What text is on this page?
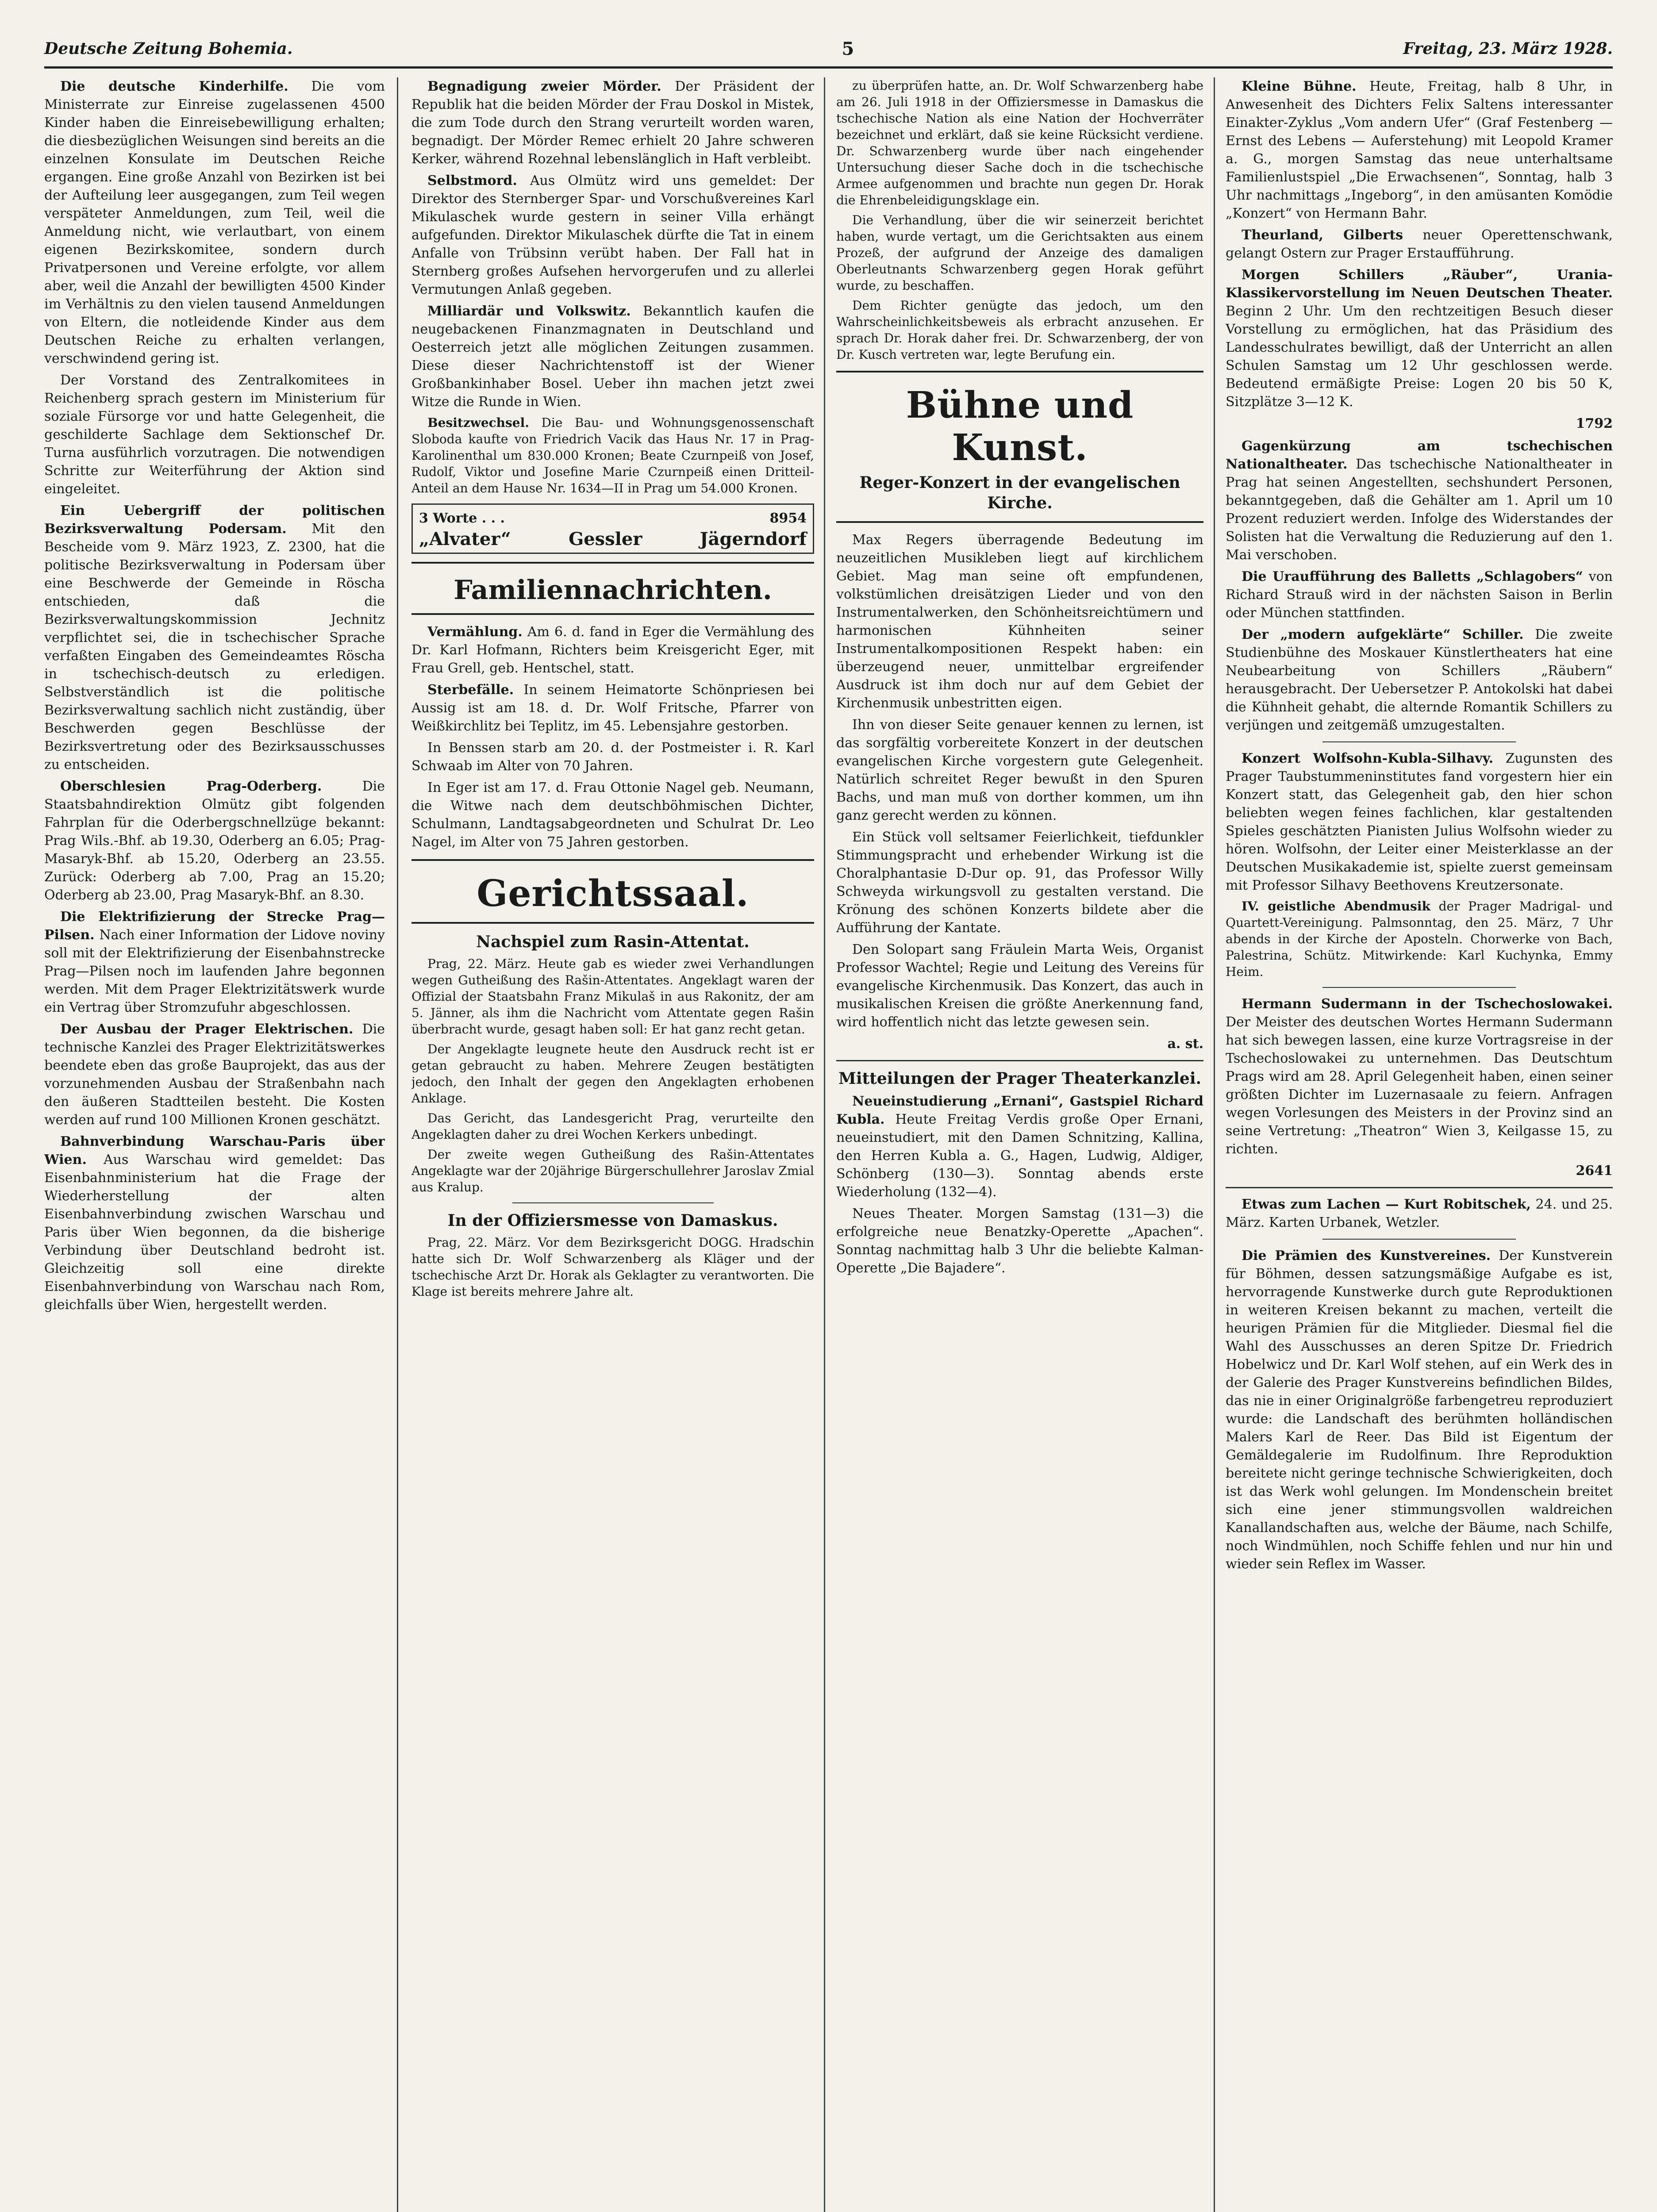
Deutsche Zeitung Bohemia.	5	Freitag, 23. März 1928.

Die deutsche Kinderhilfe. Die vom Ministerrate zur Einreise zugelassenen 4500 Kinder haben die Einreisebewilligung erhalten; die diesbezüglichen Weisungen sind bereits an die einzelnen Konsulate im Deutschen Reiche ergangen. Eine große Anzahl von Bezirken ist bei der Aufteilung leer ausgegangen, zum Teil wegen verspäteter Anmeldungen, zum Teil, weil die Anmeldung nicht, wie verlautbart, von einem eigenen Bezirkskomitee, sondern durch Privatpersonen und Vereine erfolgte, vor allem aber, weil die Anzahl der bewilligten 4500 Kinder im Verhältnis zu den vielen tausend Anmeldungen von Eltern, die notleidende Kinder aus dem Deutschen Reiche zu erhalten verlangen, verschwindend gering ist.

Der Vorstand des Zentralkomitees in Reichenberg sprach gestern im Ministerium für soziale Fürsorge vor und hatte Gelegenheit, die geschilderte Sachlage dem Sektionschef Dr. Turna ausführlich vorzutragen. Die notwendigen Schritte zur Weiterführung der Aktion sind eingeleitet.

Ein Uebergriff der politischen Bezirksverwaltung Podersam. Mit den Bescheide vom 9. März 1923, Z. 2300, hat die politische Bezirksverwaltung in Podersam über eine Beschwerde der Gemeinde in Röscha entschieden, daß die Bezirksverwaltungskommission Jechnitz verpflichtet sei, die in tschechischer Sprache verfaßten Eingaben des Gemeindeamtes Röscha in tschechisch-deutsch zu erledigen. Selbstverständlich ist die politische Bezirksverwaltung sachlich nicht zuständig, über Beschwerden gegen Beschlüsse der Bezirksvertretung oder des Bezirksausschusses zu entscheiden.

Oberschlesien Prag-Oderberg.	Die Staatsbahndirektion Olmütz gibt folgenden Fahrplan für die Oderbergschnellzüge bekannt: Prag Wils.-Bhf. ab 19.30, Oderberg an 6.05; Prag-Masaryk-Bhf. ab 15.20, Oderberg an 23.55. Zurück: Oderberg ab 7.00, Prag an 15.20; Oderberg ab 23.00, Prag Masaryk-Bhf. an 8.30.

Die Elektrifizierung der Strecke Prag—Pilsen. Nach einer Information der Lidove noviny soll mit der Elektrifizierung der Eisenbahnstrecke Prag—Pilsen noch im laufenden Jahre begonnen werden. Mit dem Prager Elektrizitätswerk wurde ein Vertrag über Stromzufuhr abgeschlossen.

Der Ausbau der Prager Elektrischen. Die technische Kanzlei des Prager Elektrizitätswerkes beendete eben das große Bauprojekt, das aus der vorzunehmenden Ausbau der Straßenbahn nach den äußeren Stadtteilen besteht. Die Kosten werden auf rund 100 Millionen Kronen geschätzt.

Bahnverbindung Warschau-Paris über Wien. Aus Warschau wird gemeldet: Das Eisenbahnministerium hat die Frage der Wiederherstellung der alten Eisenbahnverbindung zwischen Warschau und Paris über Wien begonnen, da die bisherige Verbindung über Deutschland bedroht ist. Gleichzeitig soll eine direkte Eisenbahnverbindung von Warschau nach Rom, gleichfalls über Wien, hergestellt werden.

Begnadigung zweier Mörder. Der Präsident der Republik hat die beiden Mörder der Frau Doskol in Mistek, die zum Tode durch den Strang verurteilt worden waren, begnadigt. Der Mörder Remec erhielt 20 Jahre schweren Kerker, während Rozehnal lebenslänglich in Haft verbleibt.

Selbstmord. Aus Olmütz wird uns gemeldet: Der Direktor des Sternberger Spar- und Vorschußvereines Karl Mikulaschek wurde gestern in seiner Villa erhängt aufgefunden. Direktor Mikulaschek dürfte die Tat in einem Anfalle von Trübsinn verübt haben. Der Fall hat in Sternberg großes Aufsehen hervorgerufen und zu allerlei Vermutungen Anlaß gegeben.

Milliardär und Volkswitz. Bekanntlich kaufen die neugebackenen Finanzmagnaten in Deutschland und Oesterreich jetzt alle möglichen Zeitungen zusammen. Diese dieser Nachrichtenstoff ist der Wiener Großbankinhaber Bosel. Ueber ihn machen jetzt zwei Witze die Runde in Wien.

Besitzwechsel. Die Bau- und Wohnungsgenossenschaft Sloboda kaufte von Friedrich Vacik das Haus Nr. 17 in Prag-Karolinenthal um 830.000 Kronen; Beate Czurnpeiß von Josef, Rudolf, Viktor und Josefine Marie Czurnpeiß einen Dritteil-Anteil an dem Hause Nr. 1634—II in Prag um 54.000 Kronen.

3 Worte . . .	8954
„Alvater“	Gessler	Jägerndorf
Familiennachrichten.

Vermählung. Am 6. d. fand in Eger die Vermählung des Dr. Karl Hofmann, Richters beim Kreisgericht Eger, mit Frau Grell, geb. Hentschel, statt.

Sterbefälle. In seinem Heimatorte Schönpriesen bei Aussig ist am 18. d. Dr. Wolf Fritsche, Pfarrer von Weißkirchlitz bei Teplitz, im 45. Lebensjahre gestorben.

In Benssen starb am 20. d. der Postmeister i. R. Karl Schwaab im Alter von 70 Jahren.

In Eger ist am 17. d. Frau Ottonie Nagel geb. Neumann, die Witwe nach dem deutschböhmischen Dichter, Schulmann, Landtagsabgeordneten und Schulrat Dr. Leo Nagel, im Alter von 75 Jahren gestorben.

Gerichtssaal.
Nachspiel zum Rasin-Attentat.

Prag, 22. März. Heute gab es wieder zwei Verhandlungen wegen Gutheißung des Rašin-Attentates. Angeklagt waren der Offizial der Staatsbahn Franz Mikulaš in aus Rakonitz, der am 5. Jänner, als ihm die Nachricht vom Attentate gegen Rašin überbracht wurde, gesagt haben soll: Er hat ganz recht getan.

Der Angeklagte leugnete heute den Ausdruck recht ist er getan gebraucht zu haben. Mehrere Zeugen bestätigten jedoch, den Inhalt der gegen den Angeklagten erhobenen Anklage.

Das Gericht, das Landesgericht Prag, verurteilte den Angeklagten daher zu drei Wochen Kerkers unbedingt.

Der zweite wegen Gutheißung des Rašin-Attentates Angeklagte war der 20jährige Bürgerschullehrer Jaroslav Zmial aus Kralup.

In der Offiziersmesse von Damaskus.

Prag, 22. März. Vor dem Bezirksgericht DOGG. Hradschin hatte sich Dr. Wolf Schwarzenberg als Kläger und der tschechische Arzt Dr. Horak als Geklagter zu verantworten. Die Klage ist bereits mehrere Jahre alt.

zu überprüfen hatte, an. Dr. Wolf Schwarzenberg habe am 26. Juli 1918 in der Offiziersmesse in Damaskus die tschechische Nation als eine Nation der Hochverräter bezeichnet und erklärt, daß sie keine Rücksicht verdiene. Dr. Schwarzenberg wurde über nach eingehender Untersuchung dieser Sache doch in die tschechische Armee aufgenommen und brachte nun gegen Dr. Horak die Ehrenbeleidigungsklage ein.

Die Verhandlung, über die wir seinerzeit berichtet haben, wurde vertagt, um die Gerichtsakten aus einem Prozeß, der aufgrund der Anzeige des damaligen Oberleutnants Schwarzenberg gegen Horak geführt wurde, zu beschaffen.

Dem Richter genügte das jedoch, um den Wahrscheinlichkeitsbeweis als erbracht anzusehen. Er sprach Dr. Horak daher frei. Dr. Schwarzenberg, der von Dr. Kusch vertreten war, legte Berufung ein.

Bühne und Kunst.
Reger-Konzert in der evangelischen Kirche.

Max Regers überragende Bedeutung im neuzeitlichen Musikleben liegt auf kirchlichem Gebiet. Mag man seine oft empfundenen, volkstümlichen dreisätzigen Lieder und von den Instrumentalwerken, den Schönheitsreichtümern und harmonischen Kühnheiten seiner Instrumentalkompositionen Respekt haben: ein überzeugend neuer, unmittelbar ergreifender Ausdruck ist ihm doch nur auf dem Gebiet der Kirchenmusik unbestritten eigen.

Ihn von dieser Seite genauer kennen zu lernen, ist das sorgfältig vorbereitete Konzert in der deutschen evangelischen Kirche vorgestern gute Gelegenheit. Natürlich schreitet Reger bewußt in den Spuren Bachs, und man muß von dorther kommen, um ihn ganz gerecht werden zu können.

Ein Stück voll seltsamer Feierlichkeit, tiefdunkler Stimmungspracht und erhebender Wirkung ist die Choralphantasie D-Dur op. 91, das Professor Willy Schweyda wirkungsvoll zu gestalten verstand. Die Krönung des schönen Konzerts bildete aber die Aufführung der Kantate.

Den Solopart sang Fräulein Marta Weis, Organist Professor Wachtel; Regie und Leitung des Vereins für evangelische Kirchenmusik. Das Konzert, das auch in musikalischen Kreisen die größte Anerkennung fand, wird hoffentlich nicht das letzte gewesen sein.

a. st.
Mitteilungen der Prager Theaterkanzlei.

Neueinstudierung „Ernani“, Gastspiel Richard Kubla. Heute Freitag Verdis große Oper Ernani, neueinstudiert, mit den Damen Schnitzing, Kallina, den Herren Kubla a. G., Hagen, Ludwig, Aldiger, Schönberg (130—3). Sonntag abends erste Wiederholung (132—4).

Neues Theater. Morgen Samstag (131—3) die erfolgreiche neue Benatzky-Operette „Apachen“. Sonntag nachmittag halb 3 Uhr die beliebte Kalman-Operette „Die Bajadere“.

Kleine Bühne. Heute, Freitag, halb 8 Uhr, in Anwesenheit des Dichters Felix Saltens interessanter Einakter-Zyklus „Vom andern Ufer“ (Graf Festenberg — Ernst des Lebens — Auferstehung) mit Leopold Kramer a. G., morgen Samstag das neue unterhaltsame Familienlustspiel „Die Erwachsenen“, Sonntag, halb 3 Uhr nachmittags „Ingeborg“, in den amüsanten Komödie „Konzert“ von Hermann Bahr.

Theurland, Gilberts neuer Operettenschwank, gelangt Ostern zur Prager Erstaufführung.

Morgen Schillers „Räuber“, Urania-Klassikervorstellung im Neuen Deutschen Theater. Beginn 2 Uhr. Um den rechtzeitigen Besuch dieser Vorstellung zu ermöglichen, hat das Präsidium des Landesschulrates bewilligt, daß der Unterricht an allen Schulen Samstag um 12 Uhr geschlossen werde. Bedeutend ermäßigte Preise: Logen 20 bis 50 K, Sitzplätze 3—12 K.

1792

Gagenkürzung am tschechischen Nationaltheater. Das tschechische Nationaltheater in Prag hat seinen Angestellten, sechshundert Personen, bekanntgegeben, daß die Gehälter am 1. April um 10 Prozent reduziert werden. Infolge des Widerstandes der Solisten hat die Verwaltung die Reduzierung auf den 1. Mai verschoben.

Die Uraufführung des Balletts „Schlagobers“ von Richard Strauß wird in der nächsten Saison in Berlin oder München stattfinden.

Der „modern aufgeklärte“ Schiller. Die zweite Studienbühne des Moskauer Künstlertheaters hat eine Neubearbeitung von Schillers „Räubern“ herausgebracht. Der Uebersetzer P. Antokolski hat dabei die Kühnheit gehabt, die alternde Romantik Schillers zu verjüngen und zeitgemäß umzugestalten.

Konzert Wolfsohn-Kubla-Silhavy. Zugunsten des Prager Taubstummeninstitutes fand vorgestern hier ein Konzert statt, das Gelegenheit gab, den hier schon beliebten wegen feines fachlichen, klar gestaltenden Spieles geschätzten Pianisten Julius Wolfsohn wieder zu hören. Wolfsohn, der Leiter einer Meisterklasse an der Deutschen Musikakademie ist, spielte zuerst gemeinsam mit Professor Silhavy Beethovens Kreutzersonate.

IV. geistliche Abendmusik der Prager Madrigal- und Quartett-Vereinigung. Palmsonntag, den 25. März, 7 Uhr abends in der Kirche der Aposteln. Chorwerke von Bach, Palestrina, Schütz. Mitwirkende: Karl Kuchynka, Emmy Heim.

Hermann Sudermann in der Tschechoslowakei. Der Meister des deutschen Wortes Hermann Sudermann hat sich bewegen lassen, eine kurze Vortragsreise in der Tschechoslowakei zu unternehmen. Das Deutschtum Prags wird am 28. April Gelegenheit haben, einen seiner größten Dichter im Luzernasaale zu feiern. Anfragen wegen Vorlesungen des Meisters in der Provinz sind an seine Vertretung: „Theatron“ Wien 3, Keilgasse 15, zu richten.

2641

Etwas zum Lachen — Kurt Robitschek, 24. und 25. März. Karten Urbanek, Wetzler.

Die Prämien des Kunstvereines. Der Kunstverein für Böhmen, dessen satzungsmäßige Aufgabe es ist, hervorragende Kunstwerke durch gute Reproduktionen in weiteren Kreisen bekannt zu machen, verteilt die heurigen Prämien für die Mitglieder. Diesmal fiel die Wahl des Ausschusses an deren Spitze Dr. Friedrich Hobelwicz und Dr. Karl Wolf stehen, auf ein Werk des in der Galerie des Prager Kunstvereins befindlichen Bildes, das nie in einer Originalgröße farbengetreu reproduziert wurde: die Landschaft des berühmten holländischen Malers Karl de Reer. Das Bild ist Eigentum der Gemäldegalerie im Rudolfinum. Ihre Reproduktion bereitete nicht geringe technische Schwierigkeiten, doch ist das Werk wohl gelungen. Im Mondenschein breitet sich eine jener stimmungsvollen waldreichen Kanallandschaften aus, welche der Bäume, nach Schilfe, noch Windmühlen, noch Schiffe fehlen und nur hin und wieder sein Reflex im Wasser.
